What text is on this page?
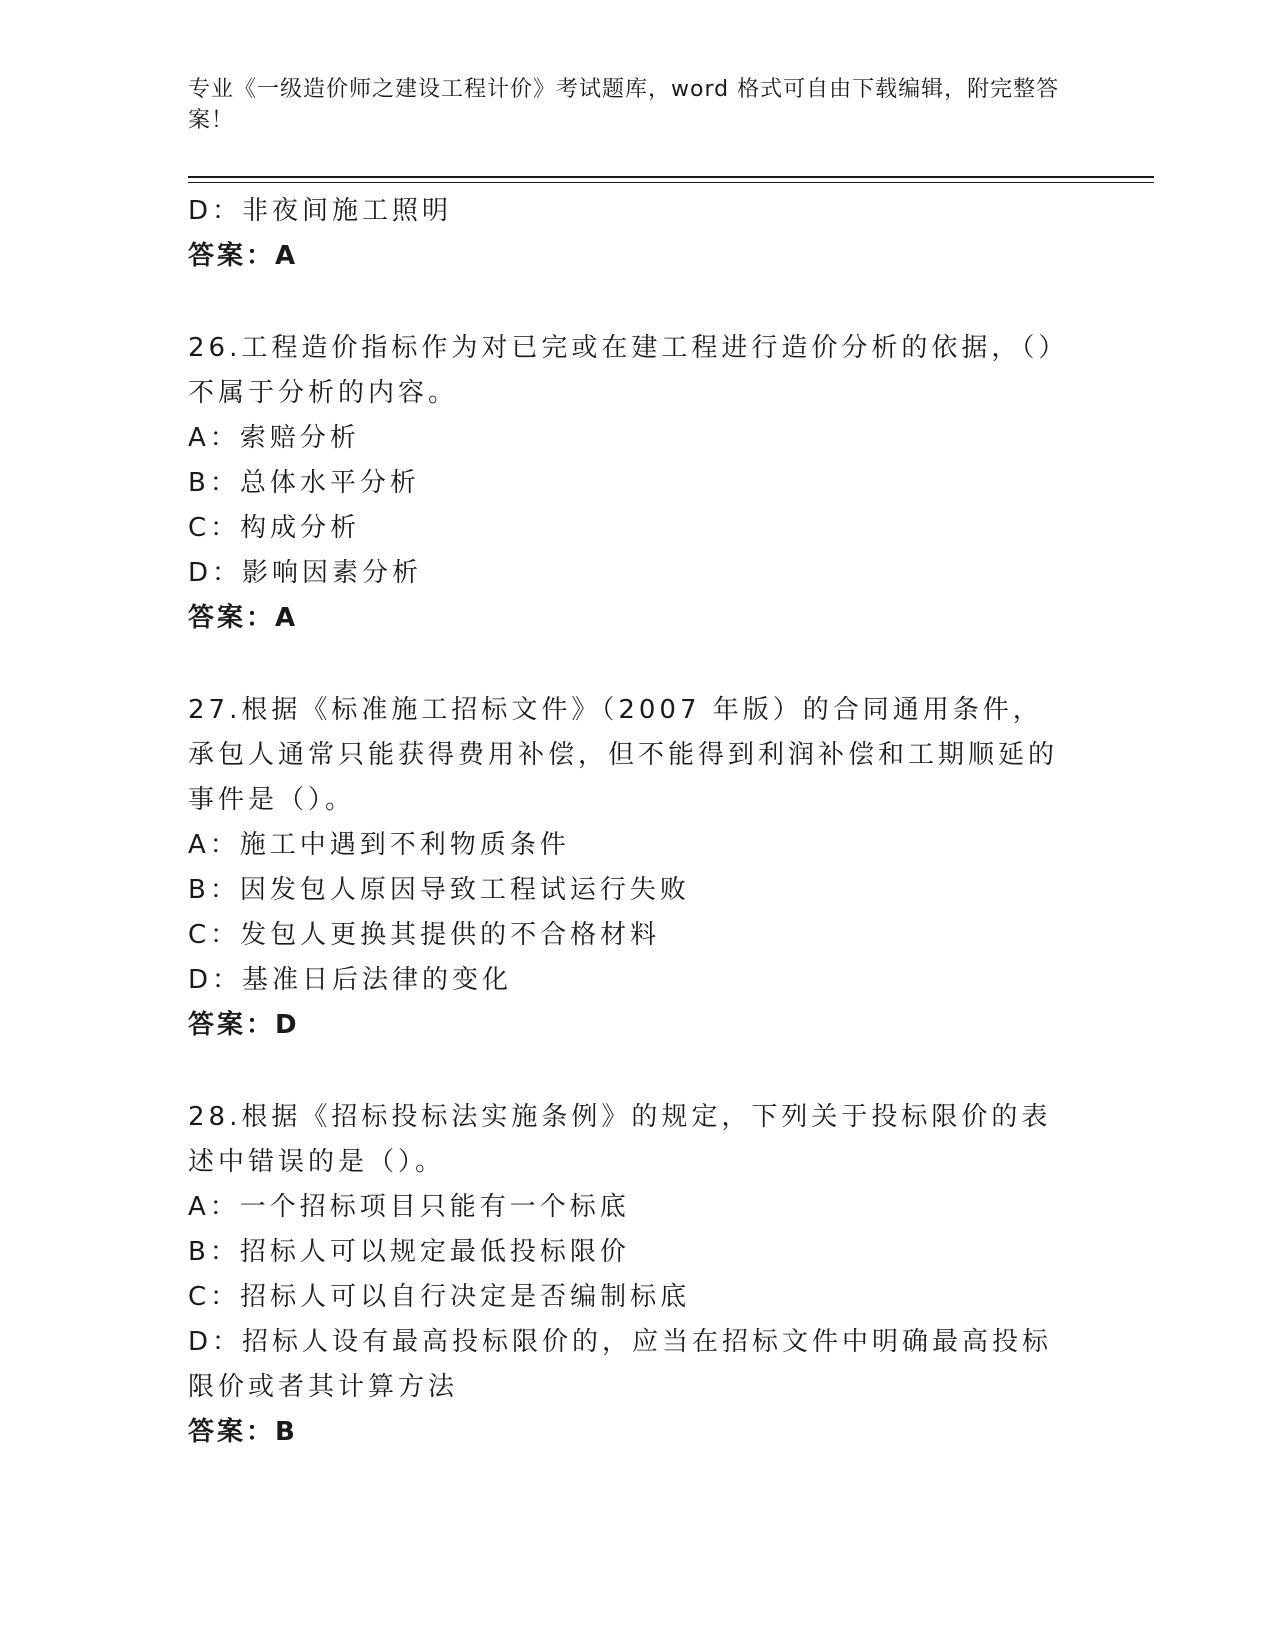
专业《一级造价师之建设工程计价》考试题库，word 格式可自由下载编辑，附完整答案！
D：非夜间施工照明
答案：A
26.工程造价指标作为对已完或在建工程进行造价分析的依据，（）不属于分析的内容。
A：索赔分析
B：总体水平分析
C：构成分析
D：影响因素分析
答案：A
27.根据《标准施工招标文件》（2007 年版）的合同通用条件，承包人通常只能获得费用补偿，但不能得到利润补偿和工期顺延的事件是（）。
A：施工中遇到不利物质条件
B：因发包人原因导致工程试运行失败
C：发包人更换其提供的不合格材料
D：基准日后法律的变化
答案：D
28.根据《招标投标法实施条例》的规定，下列关于投标限价的表述中错误的是（）。
A：一个招标项目只能有一个标底
B：招标人可以规定最低投标限价
C：招标人可以自行决定是否编制标底
D：招标人设有最高投标限价的，应当在招标文件中明确最高投标限价或者其计算方法
答案：B
